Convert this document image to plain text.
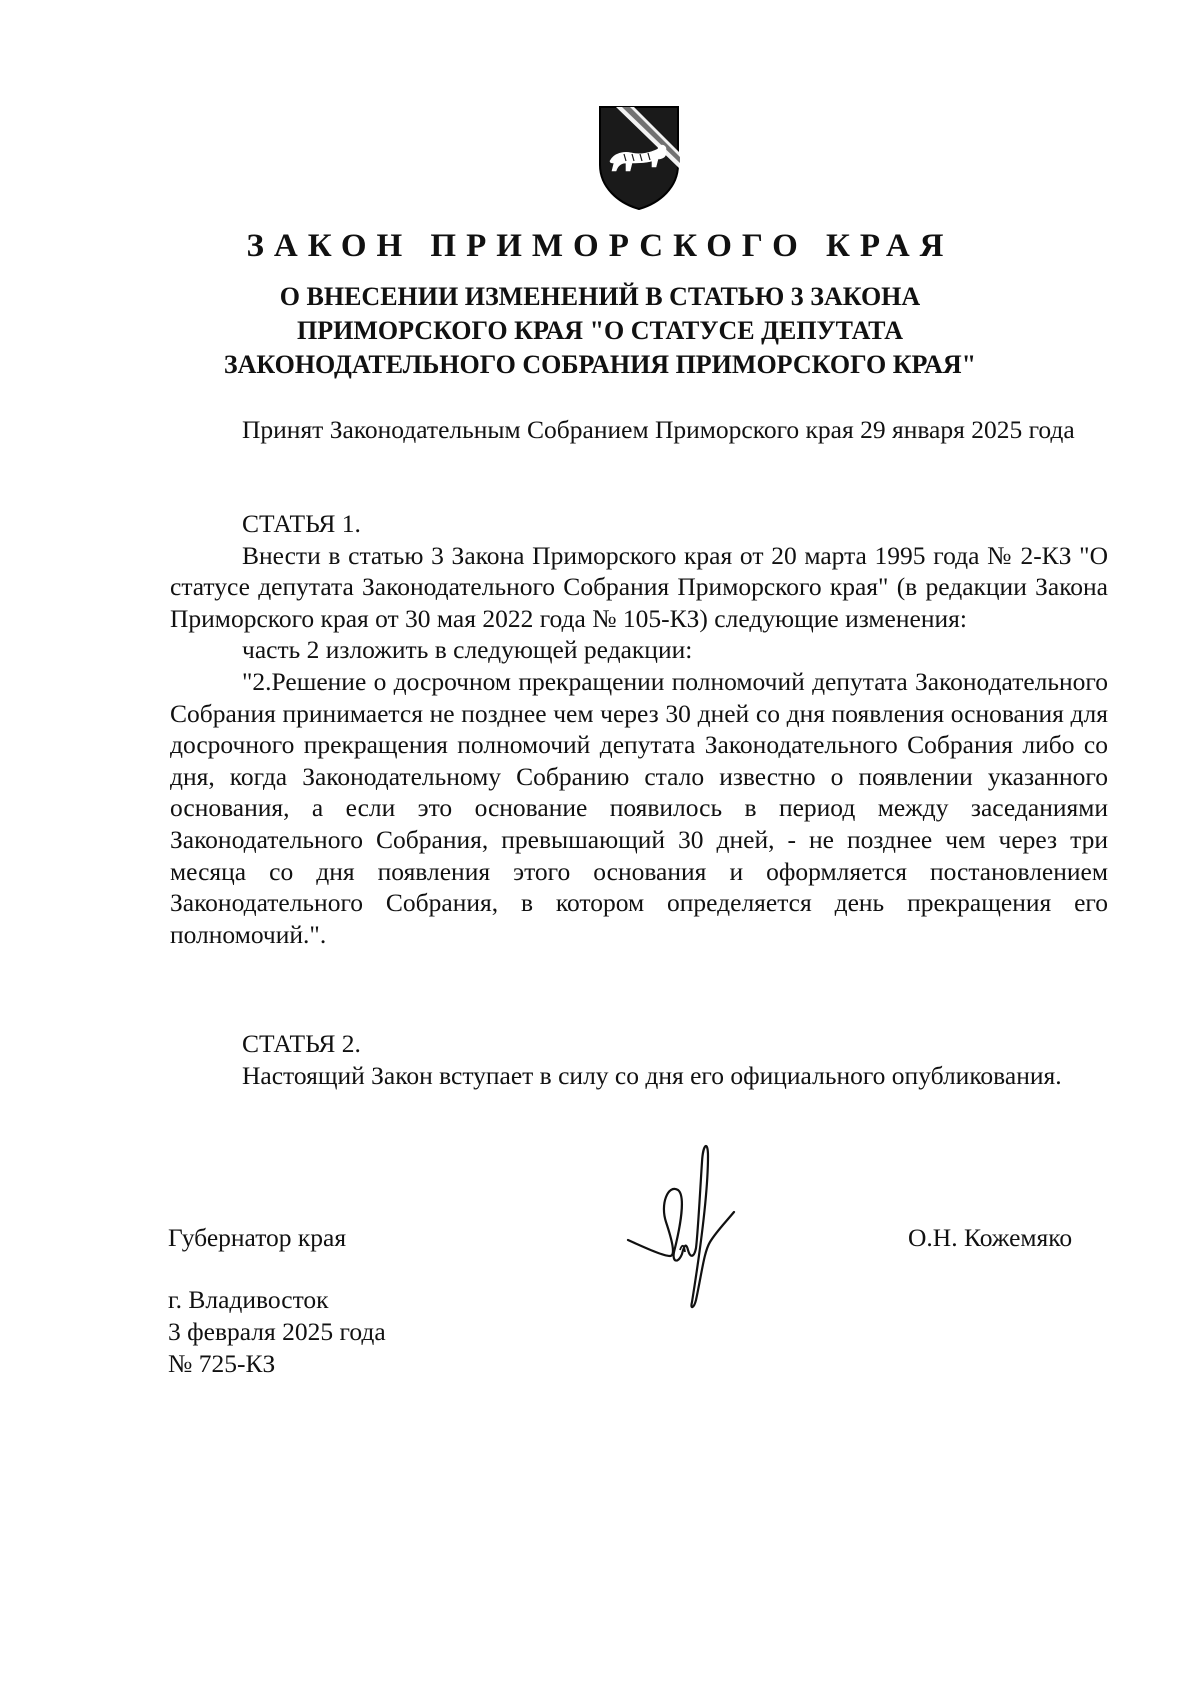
ЗАКОН ПРИМОРСКОГО КРАЯ
О ВНЕСЕНИИ ИЗМЕНЕНИЙ В СТАТЬЮ 3 ЗАКОНА
ПРИМОРСКОГО КРАЯ "О СТАТУСЕ ДЕПУТАТА
ЗАКОНОДАТЕЛЬНОГО СОБРАНИЯ ПРИМОРСКОГО КРАЯ"

Принят Законодательным Собранием Приморского края 29 января 2025 года

СТАТЬЯ 1.

Внести в статью 3 Закона Приморского края от 20 марта 1995 года № 2-КЗ "О статусе депутата Законодательного Собрания Приморского края" (в редакции Закона Приморского края от 30 мая 2022 года № 105-КЗ) следующие изменения:

часть 2 изложить в следующей редакции:

"2.Решение о досрочном прекращении полномочий депутата Законодательного Собрания принимается не позднее чем через 30 дней со дня появления основания для досрочного прекращения полномочий депутата Законодательного Собрания либо со дня, когда Законодательному Собранию стало известно о появлении указанного основания, а если это основание появилось в период между заседаниями Законодательного Собрания, превышающий 30 дней, - не позднее чем через три месяца со дня появления этого основания и оформляется постановлением Законодательного Собрания, в котором определяется день прекращения его полномочий.".

СТАТЬЯ 2.

Настоящий Закон вступает в силу со дня его официального опубликования.

Губернатор края	О.Н. Кожемяко
г. Владивосток
3 февраля 2025 года
№ 725-КЗ
